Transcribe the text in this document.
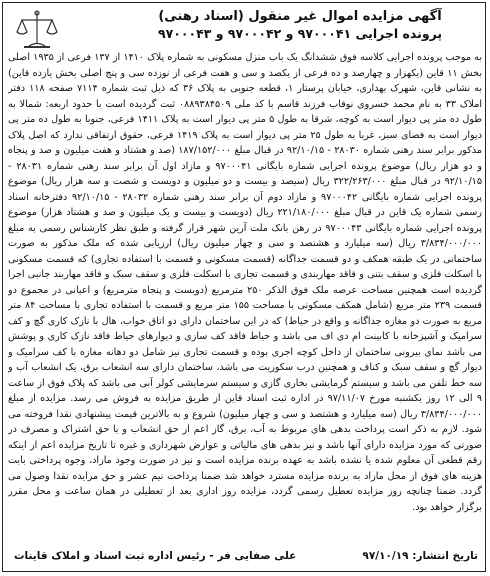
آگهی مزایده اموال غیر منقول (اسناد رهنی)
پرونده اجرایی ۹۷۰۰۰۴۱ و ۹۷۰۰۰۴۲ و ۹۷۰۰۰۴۳
به موجب پرونده اجرایی کلاسه فوق ششدانگ یک باب منزل مسکونی به شماره پلاک ۱۴۱۰ از ۱۳۷ فرعی از ۱۹۳۵ اصلی بخش ۱۱ قاین (یکهزار و چهارصد و ده فرعی از یکصد و سی و هفت فرعی از نوزده سی و پنج اصلی بخش یازده قاین) به نشانی قاین، شهرک بهداری، خیابان پرستار ۱، قطعه جنوبی به پلاک ۳۶ که ذیل ثبت شماره ۷۱۱۴ صفحه ۱۱۸ دفتر املاک ۳۳ به نام محمد خسروی نوقاب فرزند قاسم با کد ملی ۰۸۸۹۳۸۴۵۰۹ ثبت گردیده است با حدود اربعه: شمالا به طول ده متر پی دیوار است به کوچه، شرقا به طول ۵ متر پی دیوار است به پلاک ۱۴۱۱ فرعی، جنوبا به طول ده متر پی دیوار است به فضای سبز، غربا به طول ۲۵ متر پی دیوار است به پلاک ۱۴۱۹ فرعی، حقوق ارتفاقی ندارد که اصل پلاک مذکور برابر سند رهنی شماره ۲۸۰۳۰ - ۹۲/۱۰/۱۵ در قبال مبلغ ۱۸۷/۱۵۲/۰۰۰ (صد و هشتاد و هفت میلیون و صد و پنجاه و دو هزار ریال) موضوع پرونده اجرایی شماره بایگانی ۹۷۰۰۰۴۱ و مازاد اول آن برابر سند رهنی شماره ۲۸۰۳۱ - ۹۲/۱۰/۱۵ در قبال مبلغ ۳۲۲/۲۶۳/۰۰۰ ریال (سیصد و بیست و دو میلیون و دویست و شصت و سه هزار ریال) موضوع پرونده اجرایی شماره بایگانی ۹۷۰۰۰۴۲ و مازاد دوم آن برابر سند رهنی شماره ۲۸۰۳۲ - ۹۲/۱۰/۱۵ دفترخانه اسناد رسمی شماره یک قاین در قبال مبلغ ۲۲۱/۱۸۰/۰۰۰ ریال (دویست و بیست و یک میلیون و صد و هشتاد هزار) موضوع پرونده اجرایی شماره بایگانی ۹۷۰۰۰۴۳ در رهن بانک ملت آرین شهر قرار گرفته و طبق نظر کارشناس رسمی به مبلغ ۳/۸۳۴/۰۰۰/۰۰۰ ریال (سه میلیارد و هشتصد و سی و چهار میلیون ریال) ارزیابی شده که ملک مذکور به صورت ساختمانی در یک طبقه همکف و دو قسمت جداگانه (قسمت مسکونی و قسمت با استفاده تجاری) که قسمت مسکونی با اسکلت فلزی و سقف بتنی و فاقد مهاربندی و قسمت تجاری با اسکلت فلزی و سقف سبک و فاقد مهاربند جانبی اجرا گردیده است همچنین مساحت عرصه ملک فوق الذکر ۲۵۰ مترمربع (دویست و پنجاه مترمربع) و اعیانی در مجموع دو قسمت ۲۳۹ متر مربع (شامل همکف مسکونی با مساحت ۱۵۵ متر مربع و قسمت با استفاده تجاری با مساحت ۸۴ متر مربع به صورت دو مغازه جداگانه و واقع در حیاط) که در این ساختمان دارای دو اتاق خواب، هال با نازک کاری گچ و کف سرامیک و آشپزخانه با کابینت ام دی اف می باشد و حیاط فاقد کف سازی و دیوارهای حیاط فاقد نازک کاری و پوشش می باشد نمای بیرونی ساختمان از داخل کوچه اجری بوده و قسمت تجاری نیز شامل دو دهانه مغازه با کف سرامیک و دیوار گچ و سقف سبک و کناف و همچنین درب سکوریت می باشد، ساختمان دارای سه انشعاب برق، یک انشعاب آب و سه خط تلفن می باشد و سیستم گرمایشی بخاری گازی و سیستم سرمایشی کولر آبی می باشد که پلاک فوق از ساعت ۹ الی ۱۲ روز یکشنبه مورخ ۹۷/۱۱/۰۷ در اداره ثبت اسناد قاین از طریق مزایده به فروش می رسد. مزایده از مبلغ ۳/۸۳۴/۰۰۰/۰۰۰ ریال (سه میلیارد و هشتصد و سی و چهار میلیون) شروع و به بالاترین قیمت پیشنهادی نقدا فروخته می شود. لازم به ذکر است پرداخت بدهی های مربوط به آب، برق، گاز اعم از حق انشعاب و یا حق اشتراک و مصرف در صورتی که مورد مزایده دارای آنها باشد و نیز بدهی های مالیاتی و عوارض شهرداری و غیره تا تاریخ مزایده اعم از اینکه رقم قطعی آن معلوم شده یا نشده باشد به عهده برنده مزایده است و نیز در صورت وجود مازاد، وجوه پرداختی بابت هزینه های فوق از محل مازاد به برنده مزایده مسترد خواهد شد ضمنا پرداخت نیم عشر و حق مزایده نقدا وصول می گردد. ضمنا چنانچه روز مزایده تعطیل رسمی گردد، مزایده روز اداری بعد از تعطیلی در همان ساعت و محل مقرر برگزار خواهد بود.
تاریخ انتشار: ۹۷/۱۰/۱۹
علی صفایی فر - رئیس اداره ثبت اسناد و املاک قاینات
